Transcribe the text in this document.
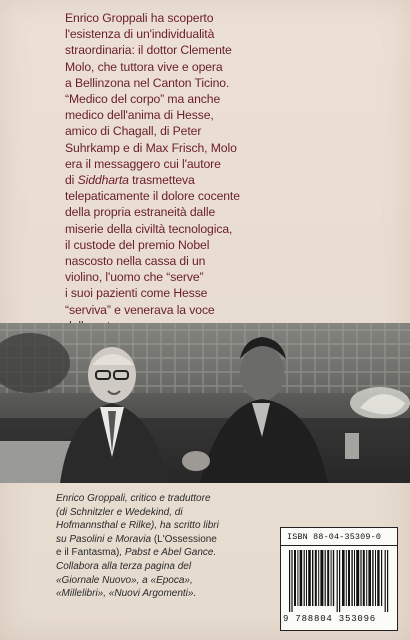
Enrico Groppali ha scoperto
l'esistenza di un'individualità
straordinaria: il dottor Clemente
Molo, che tuttora vive e opera
a Bellinzona nel Canton Ticino.
“Medico del corpo” ma anche
medico dell'anima di Hesse,
amico di Chagall, di Peter
Suhrkamp e di Max Frisch, Molo
era il messaggero cui l'autore
di Siddharta trasmetteva
telepaticamente il dolore cocente
della propria estraneità dalle
miserie della civiltà tecnologica,
il custode del premio Nobel
nascosto nella cassa di un
violino, l'uomo che “serve”
i suoi pazienti come Hesse
“serviva” e venerava la voce
Enrico Groppali, critico e traduttore
(di Schnitzler e Wedekind, di
Hofmannsthal e Rilke), ha scritto libri
su Pasolini e Moravia (L'Ossessione
e il Fantasma), Pabst e Abel Gance.
Collabora alla terza pagina del
«Giornale Nuovo», a «Epoca»,
«Millelibri», «Nuovi Argomenti».
ISBN 88-04-35309-0
9 788804 353096
